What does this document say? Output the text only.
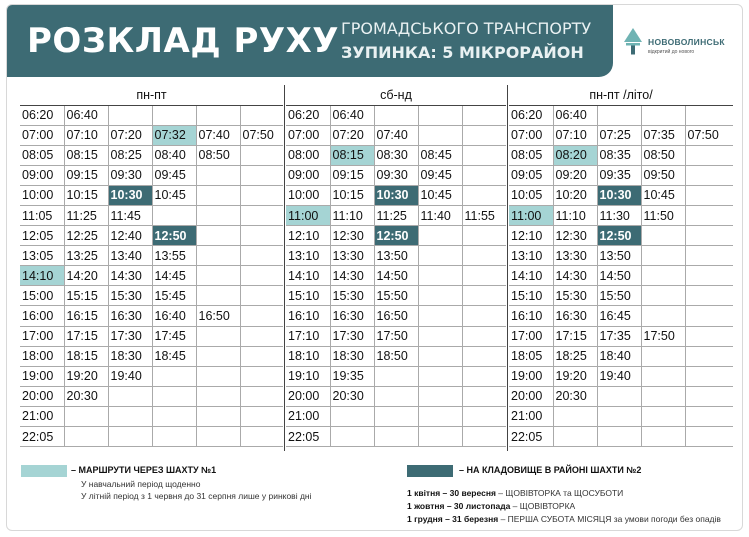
РОЗКЛАД РУХУ ГРОМАДСЬКОГО ТРАНСПОРТУ
ЗУПИНКА: 5 МІКРОРАЙОН
НОВОВОЛИНСЬК
відкритий до нового
пн-пт					
06:20	06:40				
07:00	07:10	07:20	07:32	07:40	07:50
08:05	08:15	08:25	08:40	08:50	
09:00	09:15	09:30	09:45		
10:00	10:15	10:30	10:45		
11:05	11:25	11:45			
12:05	12:25	12:40	12:50		
13:05	13:25	13:40	13:55		
14:10	14:20	14:30	14:45		
15:00	15:15	15:30	15:45		
16:00	16:15	16:30	16:40	16:50	
17:00	17:15	17:30	17:45		
18:00	18:15	18:30	18:45		
19:00	19:20	19:40			
20:00	20:30				
21:00					
22:05					
сб-нд				
06:20	06:40			
07:00	07:20	07:40		
08:00	08:15	08:30	08:45	
09:00	09:15	09:30	09:45	
10:00	10:15	10:30	10:45	
11:00	11:10	11:25	11:40	11:55
12:10	12:30	12:50		
13:10	13:30	13:50		
14:10	14:30	14:50		
15:10	15:30	15:50		
16:10	16:30	16:50		
17:10	17:30	17:50		
18:10	18:30	18:50		
19:10	19:35			
20:00	20:30			
21:00				
22:05				
пн-пт /літо/				
06:20	06:40			
07:00	07:10	07:25	07:35	07:50
08:05	08:20	08:35	08:50	
09:05	09:20	09:35	09:50	
10:05	10:20	10:30	10:45	
11:00	11:10	11:30	11:50	
12:10	12:30	12:50		
13:10	13:30	13:50		
14:10	14:30	14:50		
15:10	15:30	15:50		
16:10	16:30	16:45		
17:00	17:15	17:35	17:50	
18:05	18:25	18:40		
19:00	19:20	19:40		
20:00	20:30			
21:00				
22:05				
– МАРШРУТИ ЧЕРЕЗ ШАХТУ №1
У навчальний період щоденно
У літній період з 1 червня до 31 серпня лише у ринкові дні
– НА КЛАДОВИЩЕ В РАЙОНІ ШАХТИ №2
1 квітня – 30 вересня – ЩОВІВТОРКА та ЩОСУБОТИ
1 жовтня – 30 листопада – ЩОВІВТОРКА
1 грудня – 31 березня – ПЕРША СУБОТА МІСЯЦЯ за умови погоди без опадів
